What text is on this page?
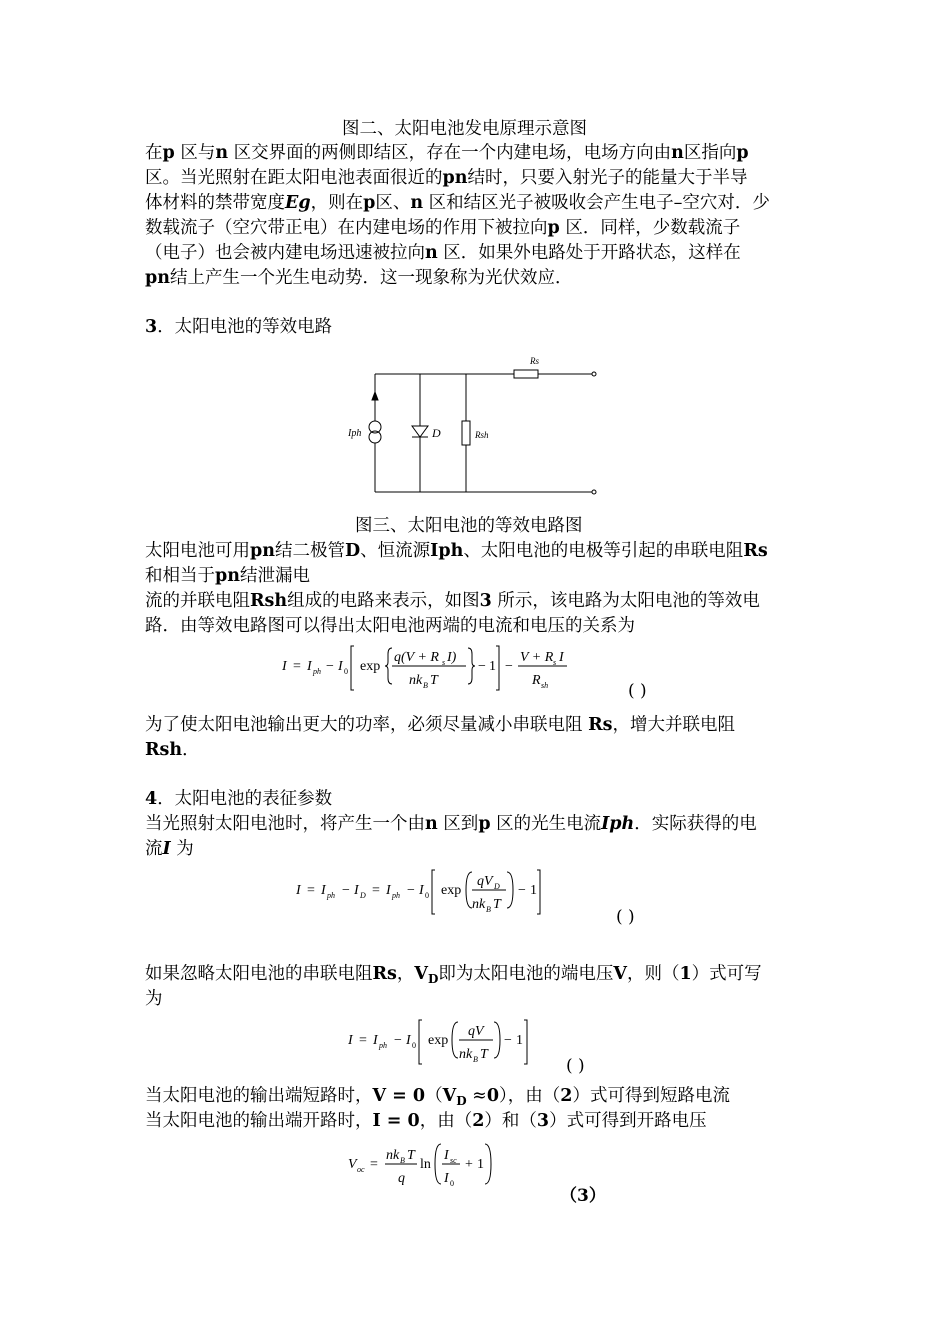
图二、太阳电池发电原理示意图
在p 区与n 区交界面的两侧即结区，存在一个内建电场，电场方向由n区指向p
区。当光照射在距太阳电池表面很近的pn结时，只要入射光子的能量大于半导
体材料的禁带宽度Eg，则在p区、n 区和结区光子被吸收会产生电子–空穴对．少
数载流子（空穴带正电）在内建电场的作用下被拉向p 区．同样，少数载流子
（电子）也会被内建电场迅速被拉向n 区．如果外电路处于开路状态，这样在
pn结上产生一个光生电动势．这一现象称为光伏效应．
3．太阳电池的等效电路
Rs
Iph	D	Rsh
图三、太阳电池的等效电路图
太阳电池可用pn结二极管D、恒流源Iph、太阳电池的电极等引起的串联电阻Rs
和相当于pn结泄漏电
流的并联电阻Rsh组成的电路来表示，如图3 所示，该电路为太阳电池的等效电
路．由等效电路图可以得出太阳电池两端的电流和电压的关系为
I = I ph − I 0 exp
q(V + R s I)
nk B T
− 1 −
V + R s I
R sh	( )
为了使太阳电池输出更大的功率，必须尽量减小串联电阻 Rs，增大并联电阻
Rsh．
4．太阳电池的表征参数
当光照射太阳电池时，将产生一个由n 区到p 区的光生电流Iph．实际获得的电
流I 为
I = I ph − I D = I ph − I 0 exp
qV D
nk B T
− 1
( )
如果忽略太阳电池的串联电阻Rs，$V_D$即为太阳电池的端电压V，则（1）式可写
为
I = I ph − I 0 exp
qV
nk B T
− 1
( )
当太阳电池的输出端短路时，$V = 0(V_D \approx 0)$，由（2）式可得到短路电流
当太阳电池的输出端开路时，I = 0，由（2）和（3）式可得到开路电压
V oc =
nk B T
q
ln
I sc
I 0
+ 1
（3）
